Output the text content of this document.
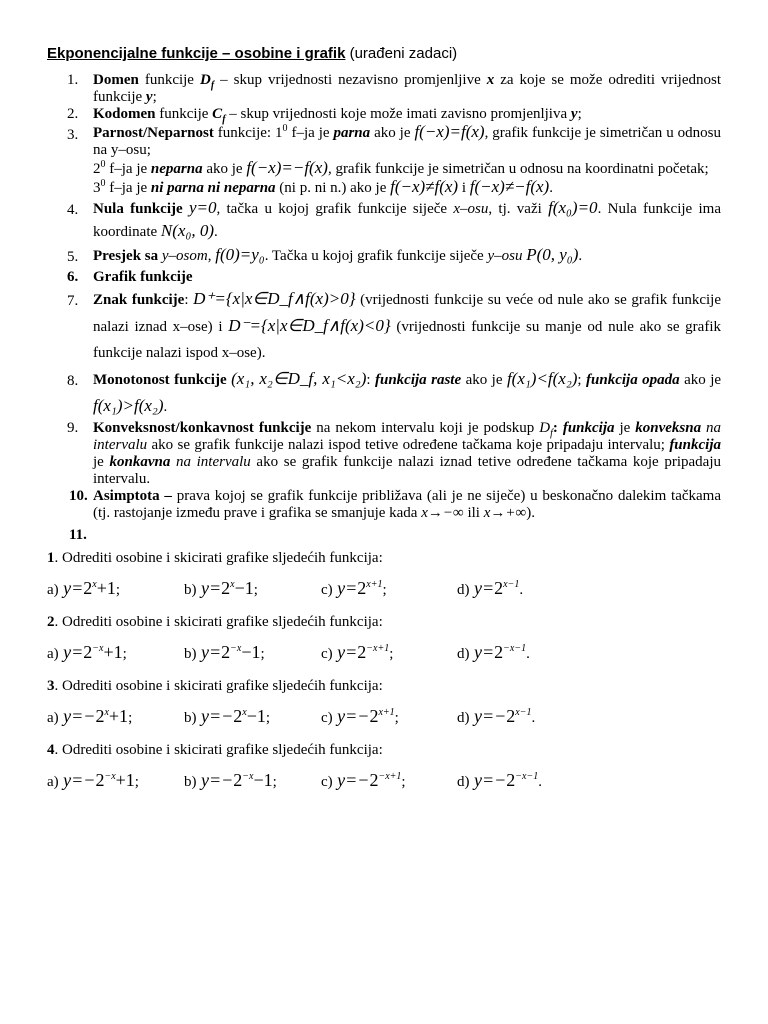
Ekponencijalne funkcije – osobine i grafik (urađeni zadaci)
1. Domen funkcije $D_f$ – skup vrijednosti nezavisno promjenljive x za koje se može odrediti vrijednost funkcije y;
2. Kodomen funkcije $C_f$ – skup vrijednosti koje može imati zavisno promjenljiva y;
3. Parnost/Neparnost funkcije: $1^0$ f–ja je parna ako je f(−x)=f(x), grafik funkcije je simetričan u odnosu na y–osu;
$2^0$ f–ja je neparna ako je f(−x)=−f(x), grafik funkcije je simetričan u odnosu na koordinatni početak;
$3^0$ f–ja je ni parna ni neparna (ni p. ni n.) ako je f(−x)≠f(x) i f(−x)≠−f(x).
4. Nula funkcije y=0, tačka u kojoj grafik funkcije siječe x–osu, tj. važi f(x₀)=0. Nula funkcije ima koordinate N(x₀, 0).
5. Presjek sa y–osom, f(0)=y₀. Tačka u kojoj grafik funkcije siječe y–osu P(0, y₀).
6. Grafik funkcije
7. Znak funkcije: D⁺={x|x∈D_f∧f(x)>0} (vrijednosti funkcije su veće od nule ako se grafik funkcije nalazi iznad x–ose) i D⁻={x|x∈D_f∧f(x)<0} (vrijednosti funkcije su manje od nule ako se grafik funkcije nalazi ispod x–ose).
8. Monotonost funkcije (x₁, x₂∈D_f, x₁<x₂): funkcija raste ako je f(x₁)<f(x₂); funkcija opada ako je f(x₁)>f(x₂).
9. Konveksnost/konkavnost funkcije na nekom intervalu koji je podskup $D_f$: funkcija je konveksna na intervalu ako se grafik funkcije nalazi ispod tetive određene tačkama koje pripadaju intervalu; funkcija je konkavna na intervalu ako se grafik funkcije nalazi iznad tetive određene tačkama koje pripadaju intervalu.
10. Asimptota – prava kojoj se grafik funkcije približava (ali je ne siječe) u beskonačno dalekim tačkama (tj. rastojanje između prave i grafika se smanjuje kada x→−∞ ili x→+∞).
11.

1. Odrediti osobine i skicirati grafike sljedećih funkcija:
a) $y=2^x+1$;	b) $y=2^x-1$;	c) $y=2^{x+1}$;	d) $y=2^{x-1}$.
2. Odrediti osobine i skicirati grafike sljedećih funkcija:
a) $y=2^{-x}+1$;	b) $y=2^{-x}-1$;	c) $y=2^{-x+1}$;	d) $y=2^{-x-1}$.
3. Odrediti osobine i skicirati grafike sljedećih funkcija:
a) $y=-2^x+1$;	b) $y=-2^x-1$;	c) $y=-2^{x+1}$;	d) $y=-2^{x-1}$.
4. Odrediti osobine i skicirati grafike sljedećih funkcija:
a) $y=-2^{-x}+1$;	b) $y=-2^{-x}-1$;	c) $y=-2^{-x+1}$;	d) $y=-2^{-x-1}$.
